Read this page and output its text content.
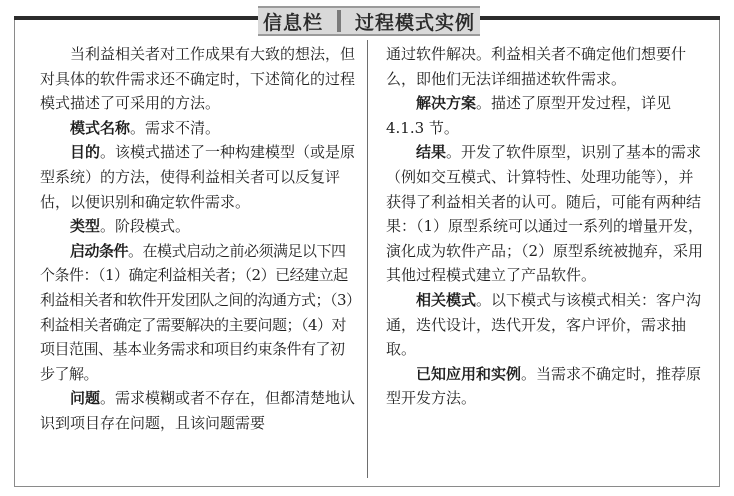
信息栏 过程模式实例

当利益相关者对工作成果有大致的想法，但对具体的软件需求还不确定时，下述简化的过程模式描述了可采用的方法。

模式名称。需求不清。

目的。该模式描述了一种构建模型（或是原型系统）的方法，使得利益相关者可以反复评估，以便识别和确定软件需求。

类型。阶段模式。

启动条件。在模式启动之前必须满足以下四个条件：（1）确定利益相关者；（2）已经建立起利益相关者和软件开发团队之间的沟通方式；（3）利益相关者确定了需要解决的主要问题；（4）对项目范围、基本业务需求和项目约束条件有了初步了解。

问题。需求模糊或者不存在，但都清楚地认识到项目存在问题，且该问题需要

通过软件解决。利益相关者不确定他们想要什么，即他们无法详细描述软件需求。

解决方案。描述了原型开发过程，详见 4.1.3 节。

结果。开发了软件原型，识别了基本的需求（例如交互模式、计算特性、处理功能等），并获得了利益相关者的认可。随后，可能有两种结果：（1）原型系统可以通过一系列的增量开发，演化成为软件产品；（2）原型系统被抛弃，采用其他过程模式建立了产品软件。

相关模式。以下模式与该模式相关：客户沟通，迭代设计，迭代开发，客户评价，需求抽取。

已知应用和实例。当需求不确定时，推荐原型开发方法。
